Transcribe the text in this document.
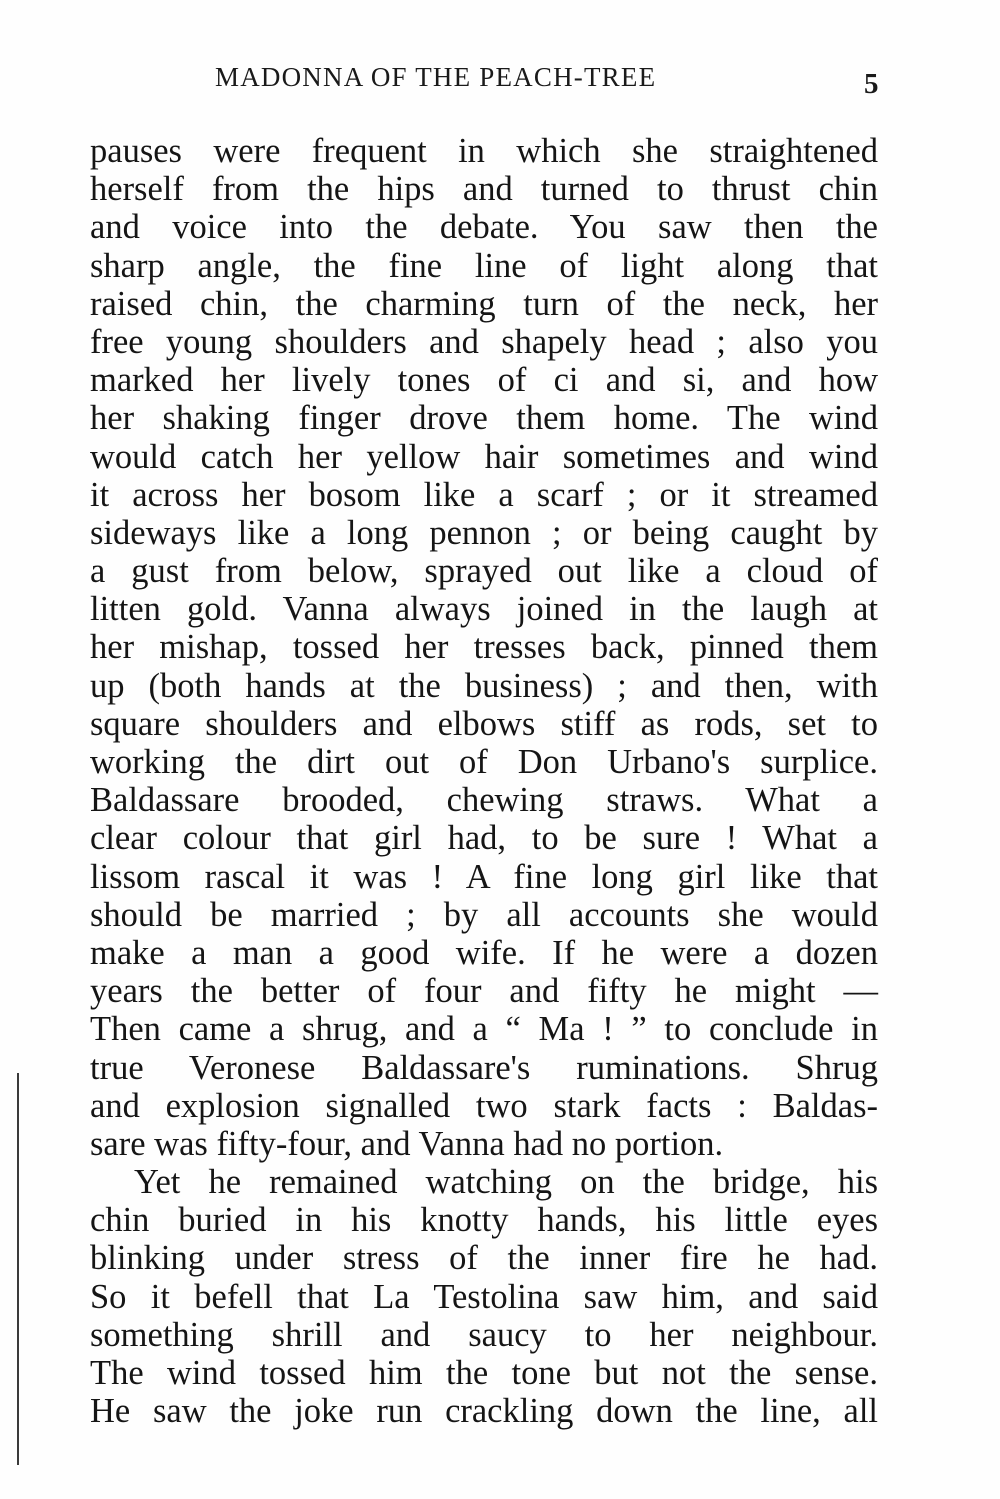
MADONNA OF THE PEACH-TREE	5
pauses were frequent in which she straightened
herself from the hips and turned to thrust chin
and voice into the debate. You saw then the
sharp angle, the fine line of light along that
raised chin, the charming turn of the neck, her
free young shoulders and shapely head ; also you
marked her lively tones of ci and si, and how
her shaking finger drove them home. The wind
would catch her yellow hair sometimes and wind
it across her bosom like a scarf ; or it streamed
sideways like a long pennon ; or being caught by
a gust from below, sprayed out like a cloud of
litten gold. Vanna always joined in the laugh at
her mishap, tossed her tresses back, pinned them
up (both hands at the business) ; and then, with
square shoulders and elbows stiff as rods, set to
working the dirt out of Don Urbano's surplice.
Baldassare brooded, chewing straws. What a
clear colour that girl had, to be sure ! What a
lissom rascal it was ! A fine long girl like that
should be married ; by all accounts she would
make a man a good wife. If he were a dozen
years the better of four and fifty he might —
Then came a shrug, and a “ Ma ! ” to conclude in
true Veronese Baldassare's ruminations. Shrug
and explosion signalled two stark facts : Baldas-
sare was fifty-four, and Vanna had no portion.
Yet he remained watching on the bridge, his
chin buried in his knotty hands, his little eyes
blinking under stress of the inner fire he had.
So it befell that La Testolina saw him, and said
something shrill and saucy to her neighbour.
The wind tossed him the tone but not the sense.
He saw the joke run crackling down the line, all
